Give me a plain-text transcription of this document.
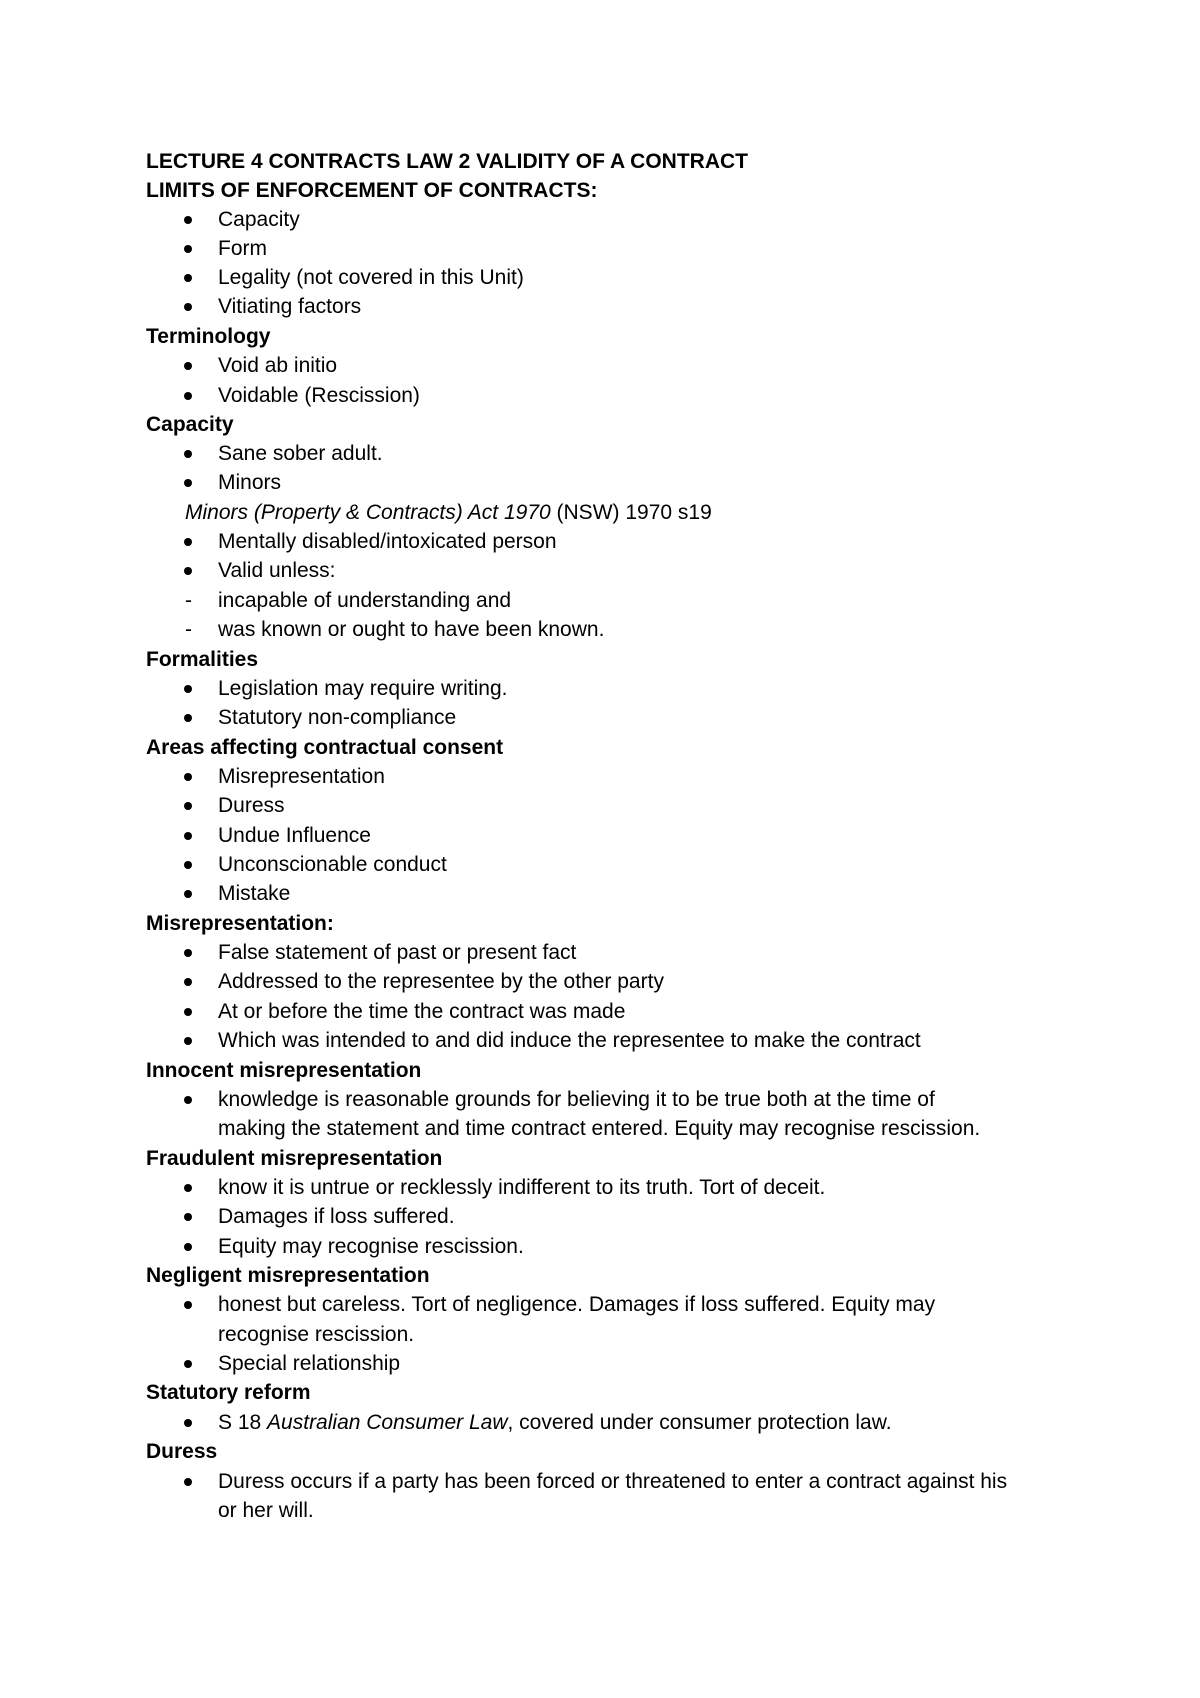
LECTURE 4 CONTRACTS LAW 2 VALIDITY OF A CONTRACT
LIMITS OF ENFORCEMENT OF CONTRACTS:
Capacity
Form
Legality (not covered in this Unit)
Vitiating factors
Terminology
Void ab initio
Voidable (Rescission)
Capacity
Sane sober adult.
Minors
Minors (Property & Contracts) Act 1970 (NSW) 1970 s19
Mentally disabled/intoxicated person
Valid unless:
- incapable of understanding and
- was known or ought to have been known.
Formalities
Legislation may require writing.
Statutory non-compliance
Areas affecting contractual consent
Misrepresentation
Duress
Undue Influence
Unconscionable conduct
Mistake
Misrepresentation:
False statement of past or present fact
Addressed to the representee by the other party
At or before the time the contract was made
Which was intended to and did induce the representee to make the contract
Innocent misrepresentation
knowledge is reasonable grounds for believing it to be true both at the time of
making the statement and time contract entered. Equity may recognise rescission.
Fraudulent misrepresentation
know it is untrue or recklessly indifferent to its truth. Tort of deceit.
Damages if loss suffered.
Equity may recognise rescission.
Negligent misrepresentation
honest but careless. Tort of negligence. Damages if loss suffered. Equity may
recognise rescission.
Special relationship
Statutory reform
S 18 Australian Consumer Law, covered under consumer protection law.
Duress
Duress occurs if a party has been forced or threatened to enter a contract against his
or her will.
